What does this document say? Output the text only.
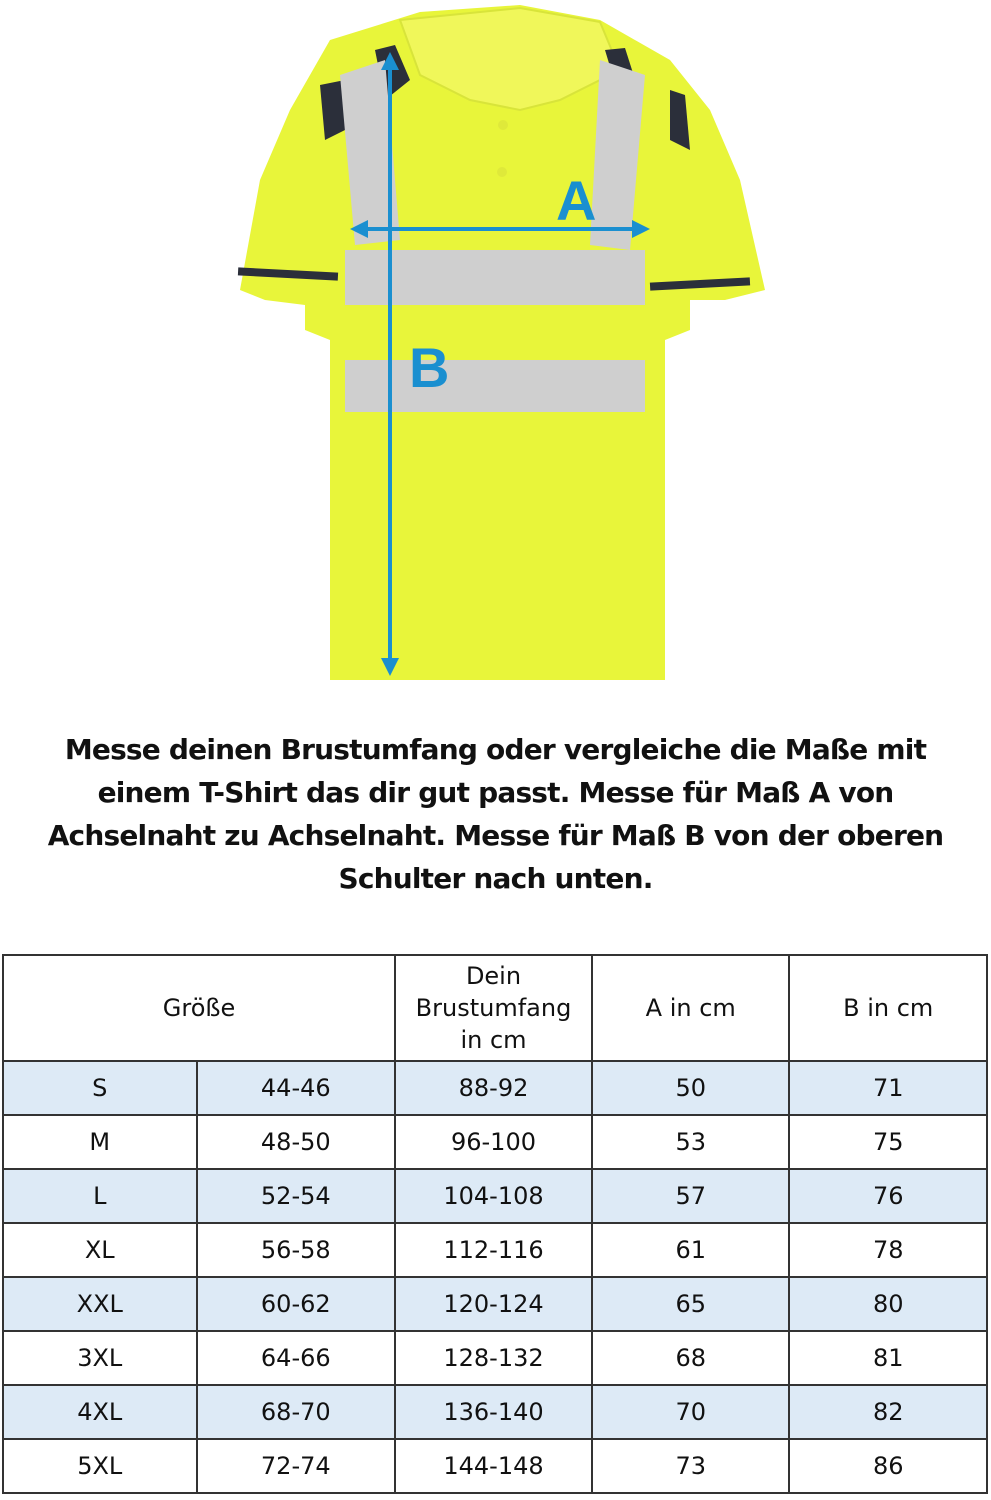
A
B
Messe deinen Brustumfang oder vergleiche die Maße mit einem T-Shirt das dir gut passt. Messe für Maß A von Achselnaht zu Achselnaht. Messe für Maß B von der oberen Schulter nach unten.
Größe		Dein Brustumfang in cm	A in cm	B in cm
S	44-46	88-92	50	71
M	48-50	96-100	53	75
L	52-54	104-108	57	76
XL	56-58	112-116	61	78
XXL	60-62	120-124	65	80
3XL	64-66	128-132	68	81
4XL	68-70	136-140	70	82
5XL	72-74	144-148	73	86
